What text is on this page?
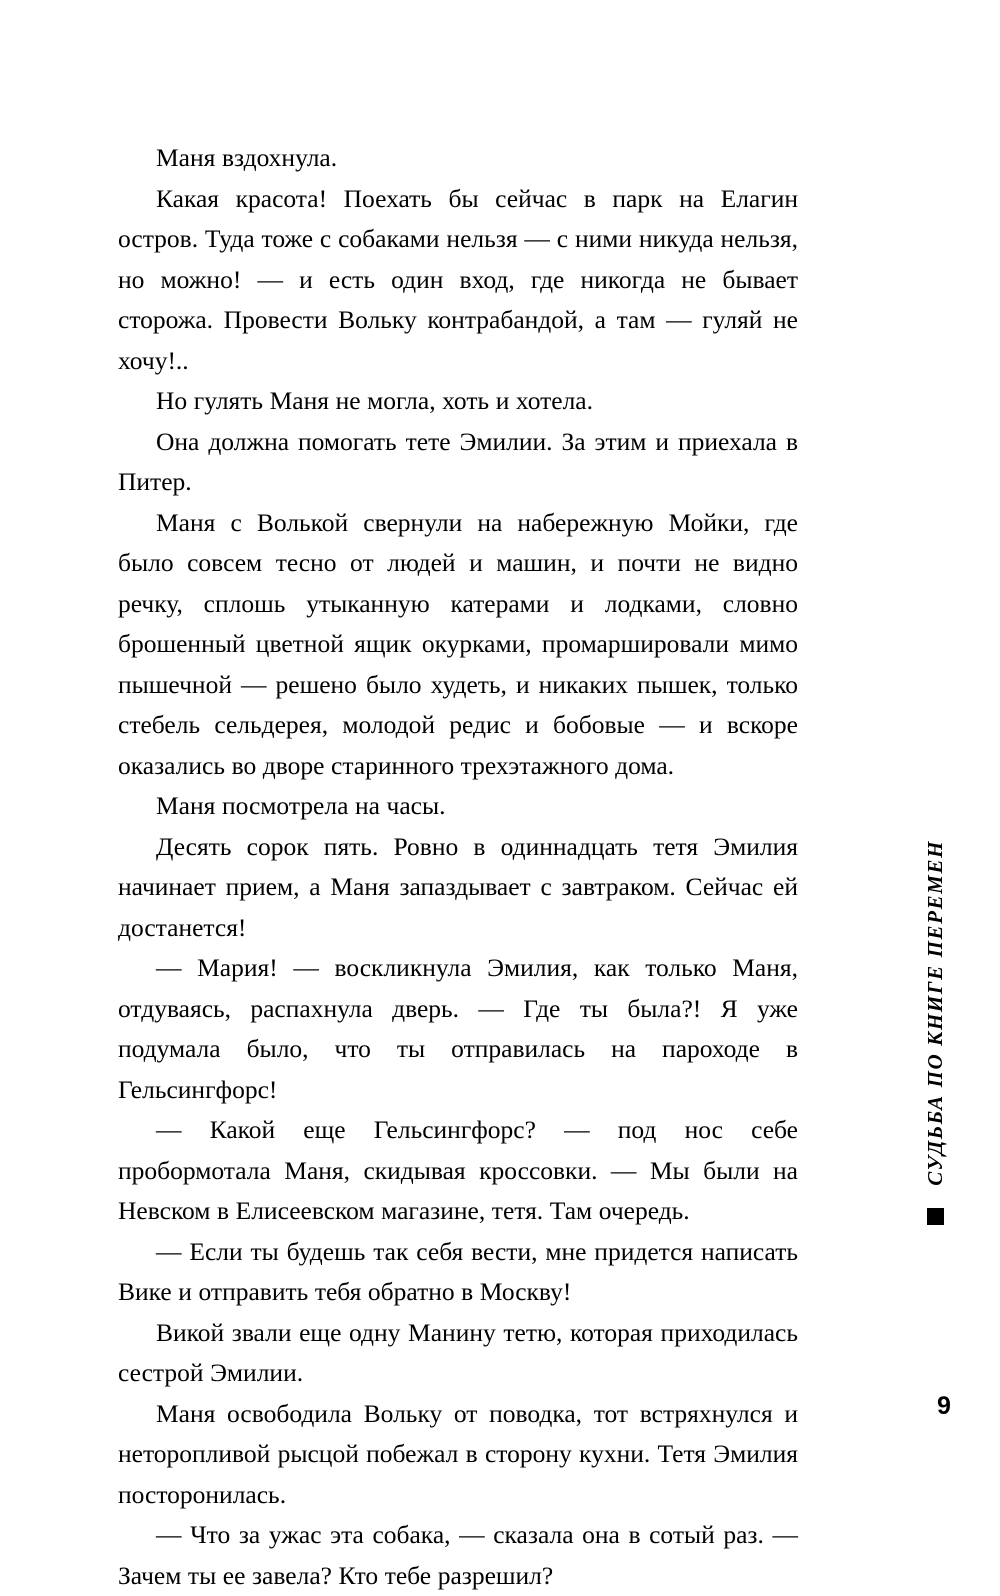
Маня вздохнула.

Какая красота! Поехать бы сейчас в парк на Елагин остров. Туда тоже с собаками нельзя — с ними никуда нельзя, но можно! — и есть один вход, где никогда не бывает сторожа. Провести Вольку контрабандой, а там — гуляй не хочу!..

Но гулять Маня не могла, хоть и хотела.

Она должна помогать тете Эмилии. За этим и приехала в Питер.

Маня с Волькой свернули на набережную Мойки, где было совсем тесно от людей и машин, и почти не видно речку, сплошь утыканную катерами и лодками, словно брошенный цветной ящик окурками, промаршировали мимо пышечной — решено было худеть, и никаких пышек, только стебель сельдерея, молодой редис и бобовые — и вскоре оказались во дворе старинного трехэтажного дома.

Маня посмотрела на часы.

Десять сорок пять. Ровно в одиннадцать тетя Эмилия начинает прием, а Маня запаздывает с завтраком. Сейчас ей достанется!

— Мария! — воскликнула Эмилия, как только Маня, отдуваясь, распахнула дверь. — Где ты была?! Я уже подумала было, что ты отправилась на пароходе в Гельсингфорс!

— Какой еще Гельсингфорс? — под нос себе пробормотала Маня, скидывая кроссовки. — Мы были на Невском в Елисеевском магазине, тетя. Там очередь.

— Если ты будешь так себя вести, мне придется написать Вике и отправить тебя обратно в Москву!

Викой звали еще одну Манину тетю, которая приходилась сестрой Эмилии.

Маня освободила Вольку от поводка, тот встряхнулся и неторопливой рысцой побежал в сторону кухни. Тетя Эмилия посторонилась.

— Что за ужас эта собака, — сказала она в сотый раз. — Зачем ты ее завела? Кто тебе разрешил?

СУДЬБА ПО КНИГЕ ПЕРЕМЕН
9
